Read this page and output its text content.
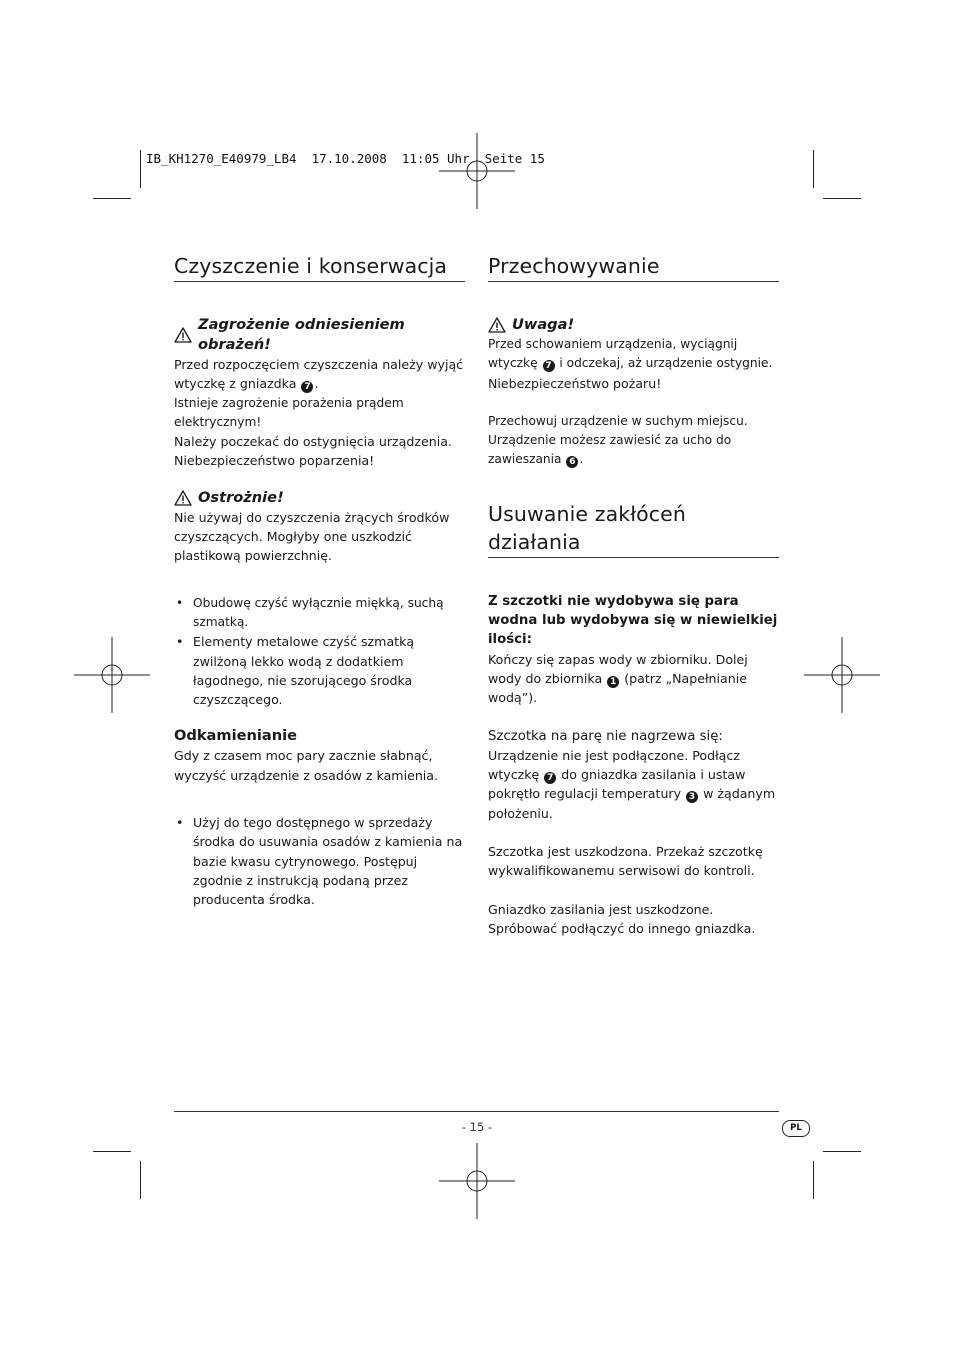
IB_KH1270_E40979_LB4  17.10.2008  11:05 Uhr  Seite 15
Czyszczenie i konserwacja
Zagrożenie odniesieniem obrażeń!

Przed rozpoczęciem czyszczenia należy wyjąć wtyczkę z gniazdka 7 .

Istnieje zagrożenie porażenia prądem elektrycznym!

Należy poczekać do ostygnięcia urządzenia.

Niebezpieczeństwo poparzenia!

Ostrożnie!

Nie używaj do czyszczenia żrących środków czyszczących. Mogłyby one uszkodzić plastikową powierzchnię.

• Obudowę czyść wyłącznie miękką, suchą szmatką.
• Elementy metalowe czyść szmatką zwilżoną lekko wodą z dodatkiem łagodnego, nie szorującego środka czyszczącego.
Odkamienianie

Gdy z czasem moc pary zacznie słabnąć, wyczyść urządzenie z osadów z kamienia.

• Użyj do tego dostępnego w sprzedaży środka do usuwania osadów z kamienia na bazie kwasu cytrynowego. Postępuj zgodnie z instrukcją podaną przez producenta środka.
Przechowywanie
Uwaga!

Przed schowaniem urządzenia, wyciągnij wtyczkę 7 i odczekaj, aż urządzenie ostygnie.

Niebezpieczeństwo pożaru!

Przechowuj urządzenie w suchym miejscu. Urządzenie możesz zawiesić za ucho do zawieszania 6 .

Usuwanie zakłóceń działania
Z szczotki nie wydobywa się para wodna lub wydobywa się w niewielkiej ilości:

Kończy się zapas wody w zbiorniku. Dolej wody do zbiornika 1 (patrz „Napełnianie wodą”).

Szczotka na parę nie nagrzewa się:

Urządzenie nie jest podłączone. Podłącz wtyczkę 7 do gniazdka zasilania i ustaw pokrętło regulacji temperatury 3 w żądanym położeniu.

Szczotka jest uszkodzona. Przekaż szczotkę wykwalifikowanemu serwisowi do kontroli.

Gniazdko zasilania jest uszkodzone. Spróbować podłączyć do innego gniazdka.

- 15 -	PL
